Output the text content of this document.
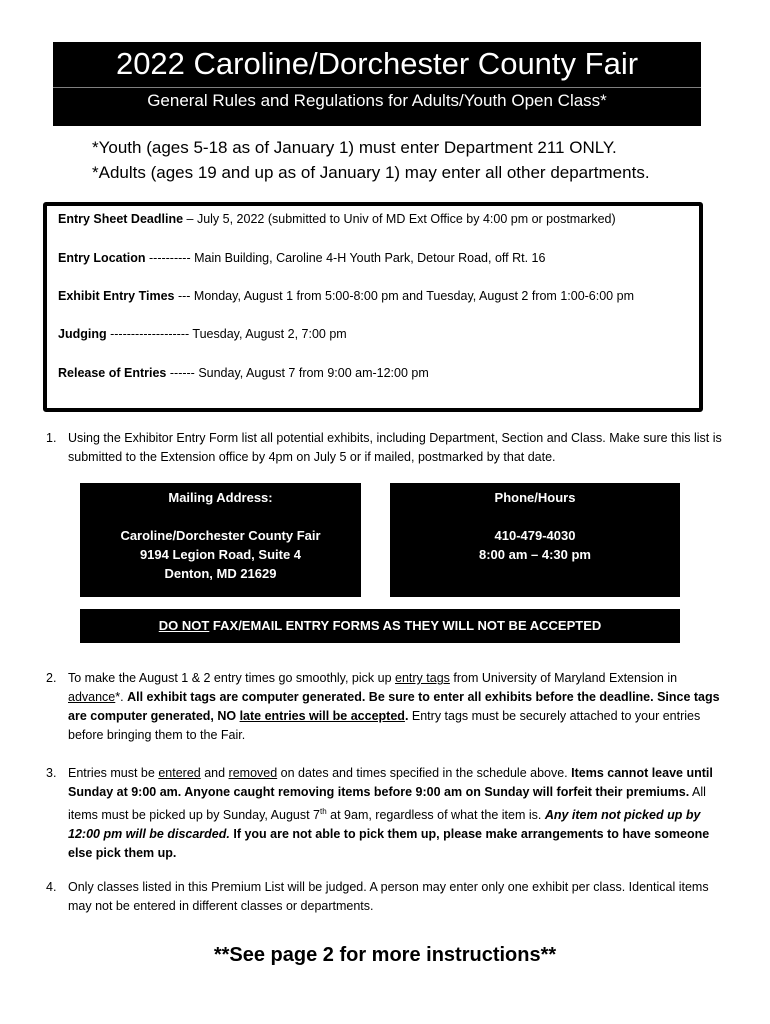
2022 Caroline/Dorchester County Fair
General Rules and Regulations for Adults/Youth Open Class*
*Youth (ages 5-18 as of January 1) must enter Department 211 ONLY.
*Adults (ages 19 and up as of January 1) may enter all other departments.
Entry Sheet Deadline – July 5, 2022 (submitted to Univ of MD Ext Office by 4:00 pm or postmarked)
Entry Location ---------- Main Building, Caroline 4-H Youth Park, Detour Road, off Rt. 16
Exhibit Entry Times --- Monday, August 1 from 5:00-8:00 pm and Tuesday, August 2 from 1:00-6:00 pm
Judging ------------------- Tuesday, August 2, 7:00 pm
Release of Entries ------ Sunday, August 7 from 9:00 am-12:00 pm
1. Using the Exhibitor Entry Form list all potential exhibits, including Department, Section and Class. Make sure this list is submitted to the Extension office by 4pm on July 5 or if mailed, postmarked by that date.
Mailing Address:
Caroline/Dorchester County Fair
9194 Legion Road, Suite 4
Denton, MD 21629
Phone/Hours
410-479-4030
8:00 am – 4:30 pm
DO NOT FAX/EMAIL ENTRY FORMS AS THEY WILL NOT BE ACCEPTED
2. To make the August 1 & 2 entry times go smoothly, pick up entry tags from University of Maryland Extension in advance*. All exhibit tags are computer generated. Be sure to enter all exhibits before the deadline. Since tags are computer generated, NO late entries will be accepted. Entry tags must be securely attached to your entries before bringing them to the Fair.
3. Entries must be entered and removed on dates and times specified in the schedule above. Items cannot leave until Sunday at 9:00 am. Anyone caught removing items before 9:00 am on Sunday will forfeit their premiums. All items must be picked up by Sunday, August 7th at 9am, regardless of what the item is. Any item not picked up by 12:00 pm will be discarded. If you are not able to pick them up, please make arrangements to have someone else pick them up.
4. Only classes listed in this Premium List will be judged. A person may enter only one exhibit per class. Identical items may not be entered in different classes or departments.
**See page 2 for more instructions**
